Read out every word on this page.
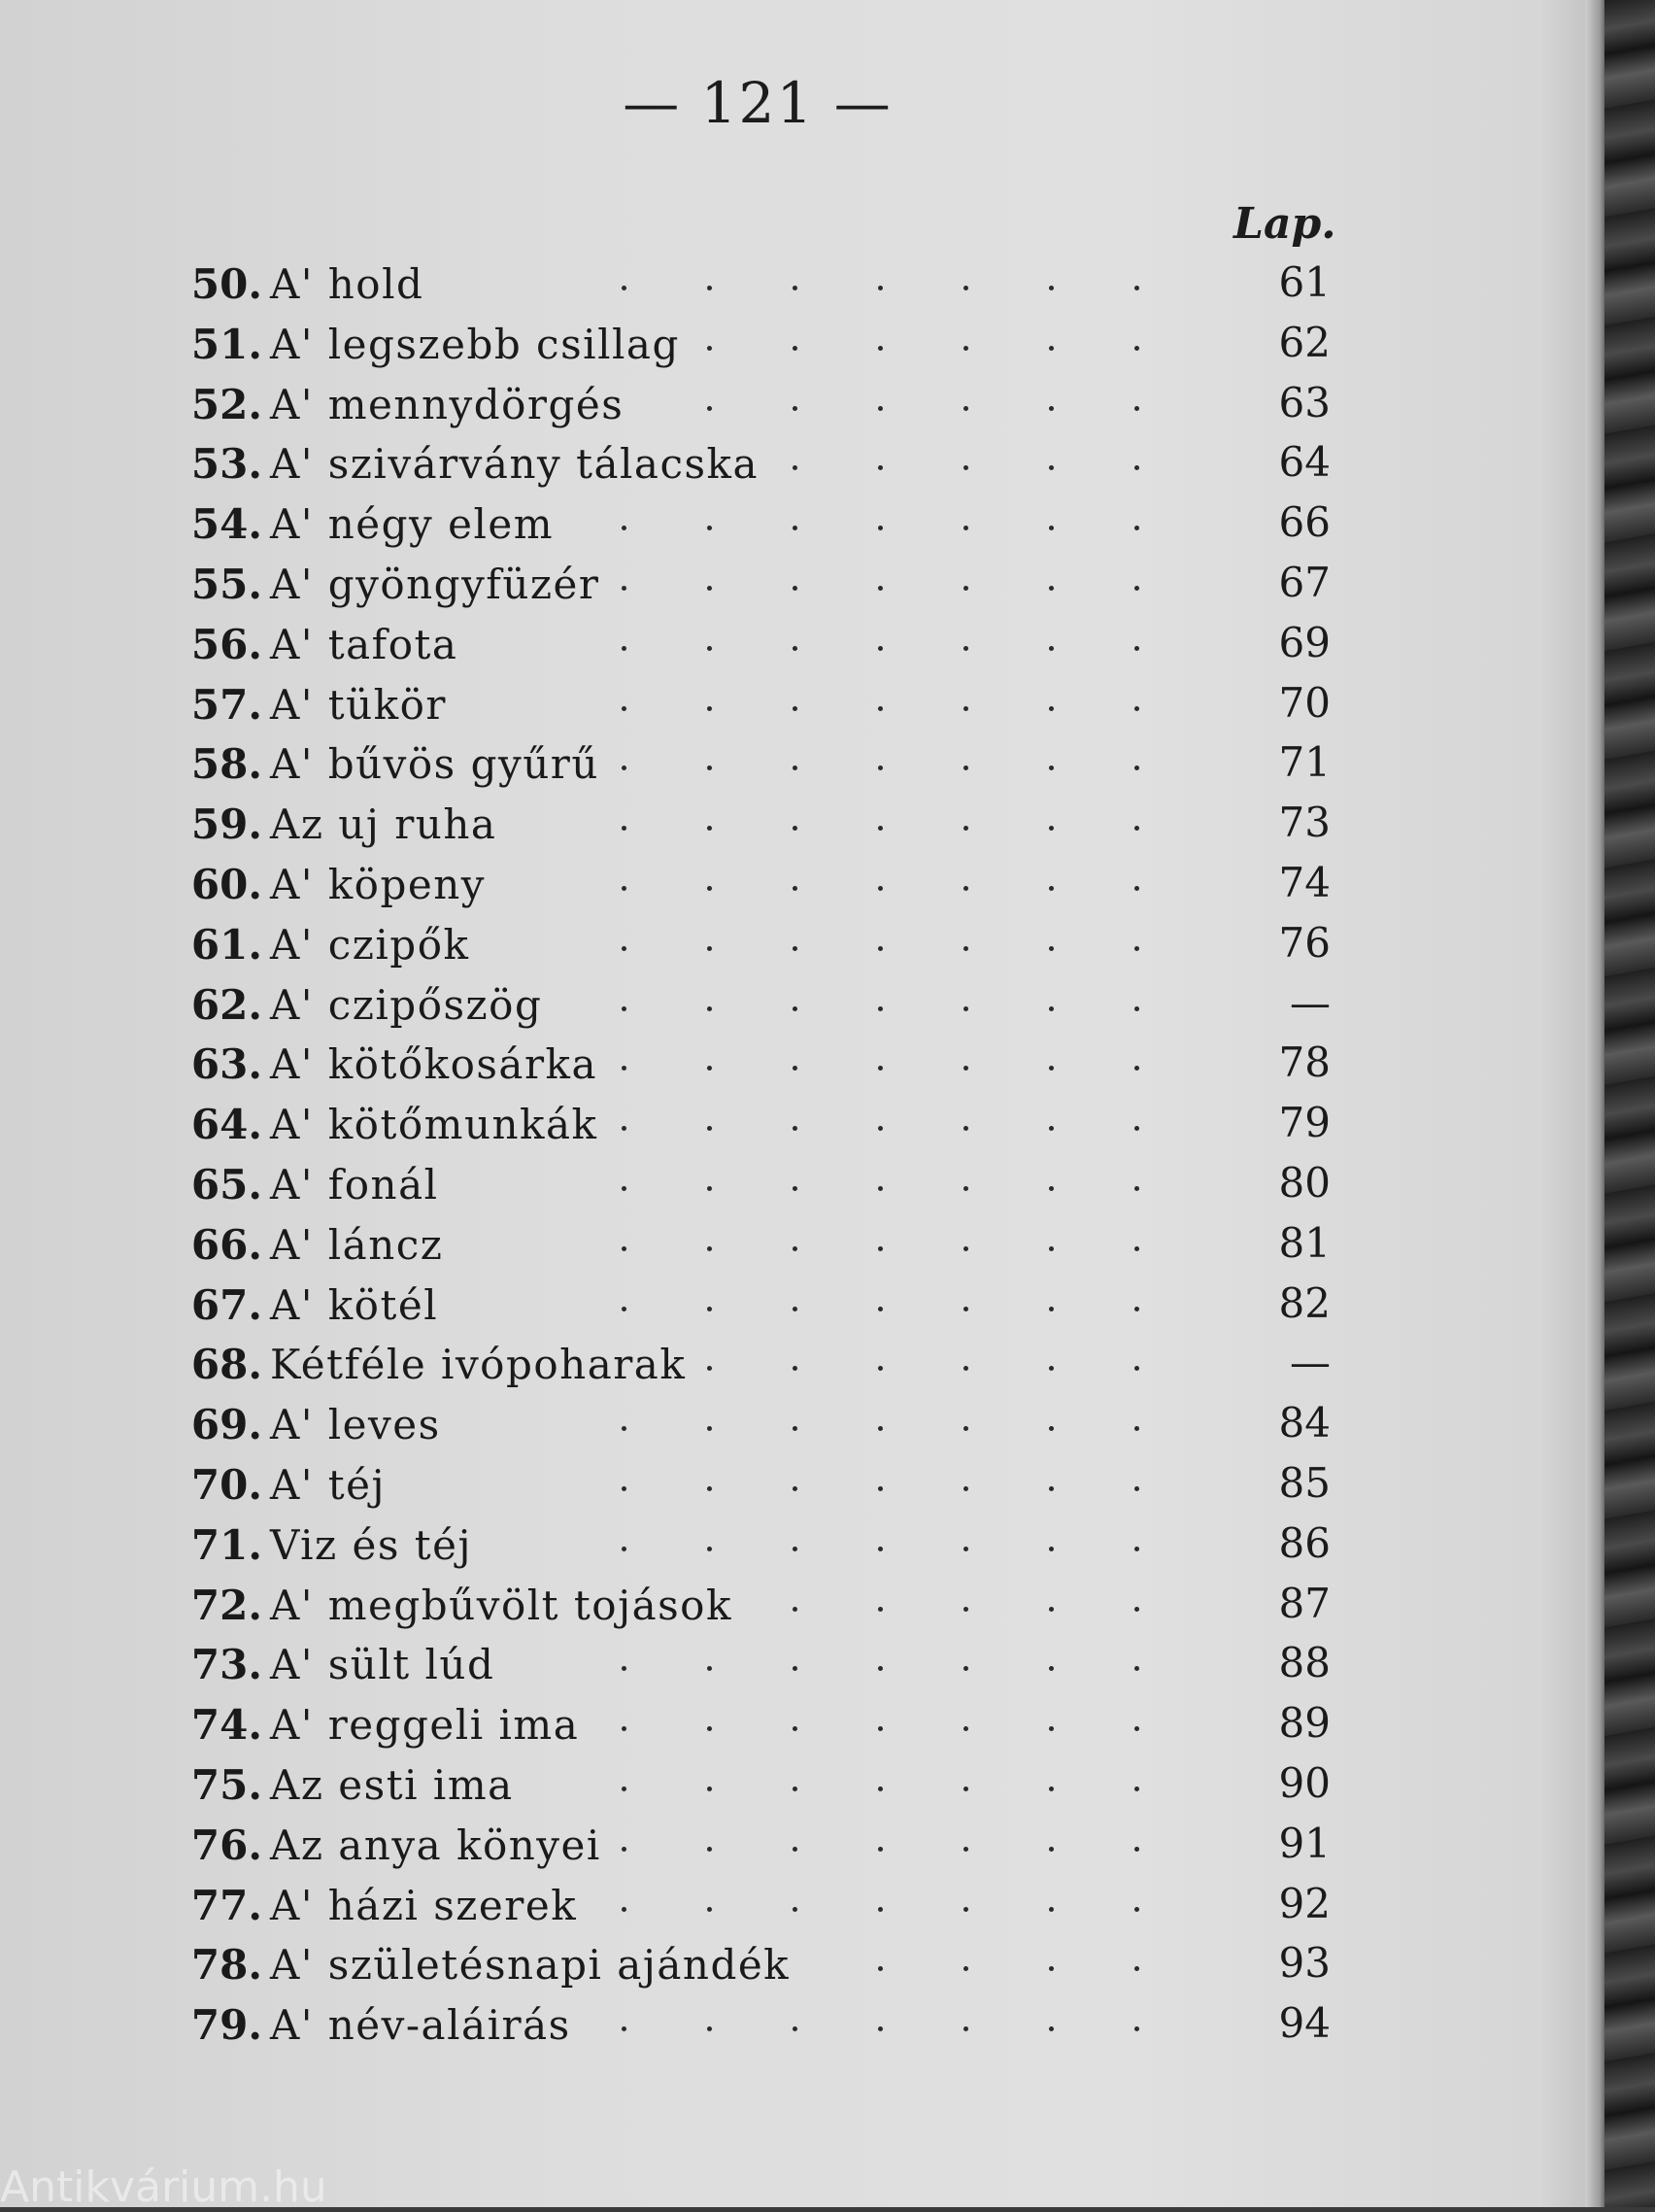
— 121 —
Lap.
50. A' hold	61
51. A' legszebb csillag	62
52. A' mennydörgés	63
53. A' szivárvány tálacska	64
54. A' négy elem	66
55. A' gyöngyfüzér	67
56. A' tafota	69
57. A' tükör	70
58. A' bűvös gyűrű	71
59. Az uj ruha	73
60. A' köpeny	74
61. A' czipők	76
62. A' czipőszög	—
63. A' kötőkosárka	78
64. A' kötőmunkák	79
65. A' fonál	80
66. A' láncz	81
67. A' kötél	82
68. Kétféle ivópoharak	—
69. A' leves	84
70. A' téj	85
71. Viz és téj	86
72. A' megbűvölt tojások	87
73. A' sült lúd	88
74. A' reggeli ima	89
75. Az esti ima	90
76. Az anya könyei	91
77. A' házi szerek	92
78. A' születésnapi ajándék	93
79. A' név-aláirás	94
Antikvárium.hu
